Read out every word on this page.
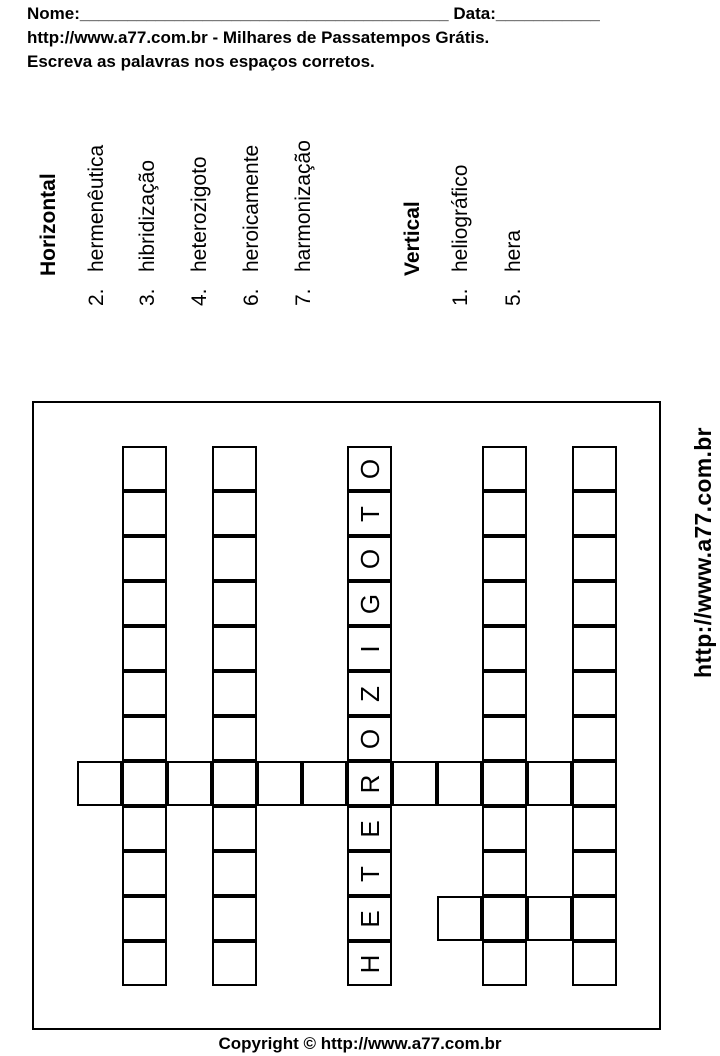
Nome:_______________________________________ Data:___________
http://www.a77.com.br - Milhares de Passatempos Grátis.
Escreva as palavras nos espaços corretos.
Horizontal
2.hermenêutica
3.hibridização
4.heterozigoto
6.heroicamente
7.harmonização	Vertical
1.heliográfico
5.hera
http://www.a77.com.br
O
T
O
G
I
Z
O
R
E
T
E
H
Copyright © http://www.a77.com.br
